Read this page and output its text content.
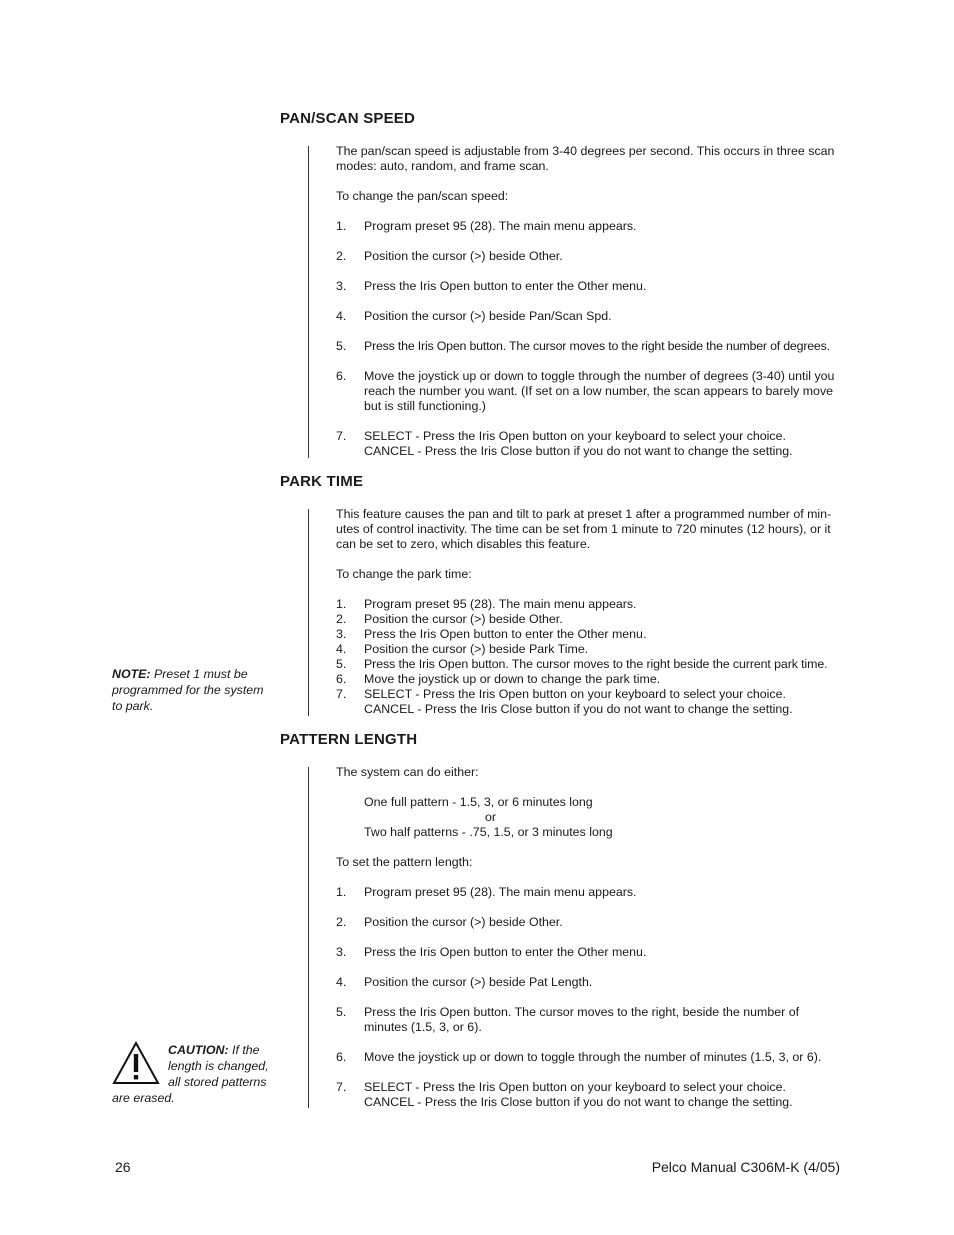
PAN/SCAN SPEED
The pan/scan speed is adjustable from 3-40 degrees per second. This occurs in three scan
modes: auto, random, and frame scan.
To change the pan/scan speed:
1. Program preset 95 (28). The main menu appears.
2. Position the cursor (>) beside Other.
3. Press the Iris Open button to enter the Other menu.
4. Position the cursor (>) beside Pan/Scan Spd.
5. Press the Iris Open button. The cursor moves to the right beside the number of degrees.
6. Move the joystick up or down to toggle through the number of degrees (3-40) until you
reach the number you want. (If set on a low number, the scan appears to barely move
but is still functioning.)
7. SELECT - Press the Iris Open button on your keyboard to select your choice.
CANCEL - Press the Iris Close button if you do not want to change the setting.
PARK TIME
This feature causes the pan and tilt to park at preset 1 after a programmed number of min-
utes of control inactivity. The time can be set from 1 minute to 720 minutes (12 hours), or it
can be set to zero, which disables this feature.
To change the park time:
1. Program preset 95 (28). The main menu appears.
2. Position the cursor (>) beside Other.
3. Press the Iris Open button to enter the Other menu.
4. Position the cursor (>) beside Park Time.
5. Press the Iris Open button. The cursor moves to the right beside the current park time.
6. Move the joystick up or down to change the park time.
7. SELECT - Press the Iris Open button on your keyboard to select your choice.
CANCEL - Press the Iris Close button if you do not want to change the setting.
NOTE: Preset 1 must be
programmed for the system
to park.
PATTERN LENGTH
The system can do either:
One full pattern - 1.5, 3, or 6 minutes long
or
Two half patterns - .75, 1.5, or 3 minutes long
To set the pattern length:
1. Program preset 95 (28). The main menu appears.
2. Position the cursor (>) beside Other.
3. Press the Iris Open button to enter the Other menu.
4. Position the cursor (>) beside Pat Length.
5. Press the Iris Open button. The cursor moves to the right, beside the number of
minutes (1.5, 3, or 6).
6. Move the joystick up or down to toggle through the number of minutes (1.5, 3, or 6).
7. SELECT - Press the Iris Open button on your keyboard to select your choice.
CANCEL - Press the Iris Close button if you do not want to change the setting.
CAUTION: If the
length is changed,
all stored patterns
are erased.
26	Pelco Manual C306M-K (4/05)
